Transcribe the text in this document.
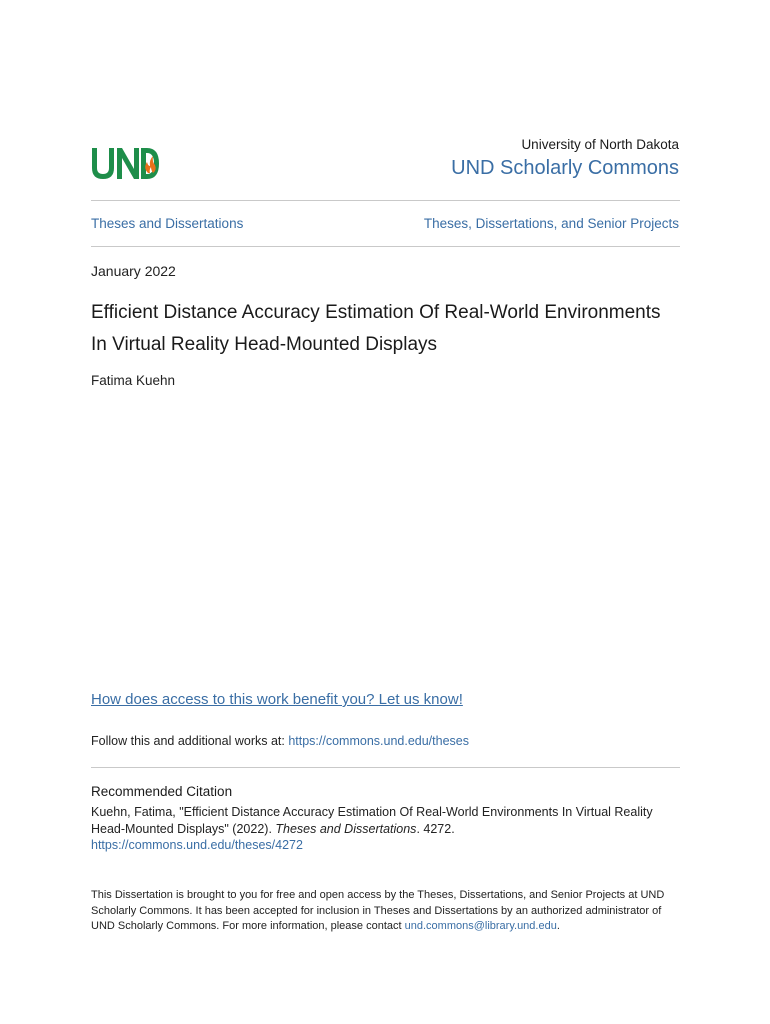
University of North Dakota
UND Scholarly Commons
Theses and Dissertations	Theses, Dissertations, and Senior Projects
January 2022
Efficient Distance Accuracy Estimation Of Real-World Environments In Virtual Reality Head-Mounted Displays
Fatima Kuehn
How does access to this work benefit you? Let us know!
Follow this and additional works at: https://commons.und.edu/theses
Recommended Citation
Kuehn, Fatima, "Efficient Distance Accuracy Estimation Of Real-World Environments In Virtual Reality Head-Mounted Displays" (2022). Theses and Dissertations. 4272.
https://commons.und.edu/theses/4272
This Dissertation is brought to you for free and open access by the Theses, Dissertations, and Senior Projects at UND Scholarly Commons. It has been accepted for inclusion in Theses and Dissertations by an authorized administrator of UND Scholarly Commons. For more information, please contact und.commons@library.und.edu.
